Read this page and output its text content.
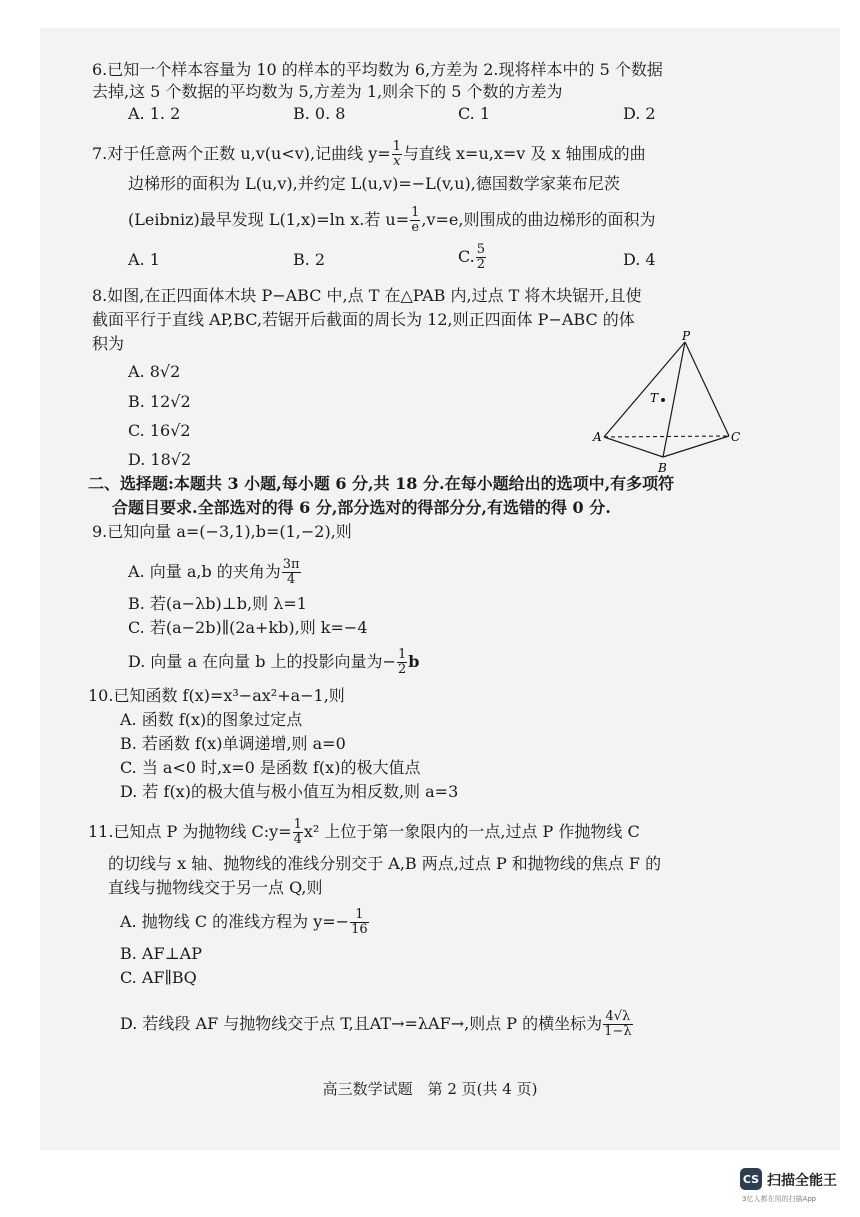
6.已知一个样本容量为 10 的样本的平均数为 6,方差为 2.现将样本中的 5 个数据
去掉,这 5 个数据的平均数为 5,方差为 1,则余下的 5 个数的方差为
A. 1. 2	B. 0. 8	C. 1	D. 2
7.对于任意两个正数 u,v(u<v),记曲线 $y= \frac{1}{x}$ 与直线 x=u,x=v 及 x 轴围成的曲
边梯形的面积为 L(u,v),并约定 L(u,v)=−L(v,u),德国数学家莱布尼茨
(Leibniz)最早发现 L(1,x)=ln x.若 $u= \frac{1}{e} ,v=e$,则围成的曲边梯形的面积为
A. 1	B. 2	C. $\frac{5}{2}$	D. 4
8.如图,在正四面体木块 P−ABC 中,点 T 在△PAB 内,过点 T 将木块锯开,且使
截面平行于直线 AP,BC,若锯开后截面的周长为 12,则正四面体 P−ABC 的体
积为
A. 8√2
B. 12√2
C. 16√2
D. 18√2
P
A
B
C
T
二、选择题:本题共 3 小题,每小题 6 分,共 18 分.在每小题给出的选项中,有多项符
合题目要求.全部选对的得 6 分,部分选对的得部分分,有选错的得 0 分.
9.已知向量 a=(−3,1),b=(1,−2),则
A. 向量 a,b 的夹角为 $\frac{3\pi}{4}$
B. 若(a−λb)⊥b,则 λ=1
C. 若(a−2b)∥(2a+kb),则 k=−4
D. 向量 a 在向量 b 上的投影向量为− $\frac{1}{2}$ b
10.已知函数 f(x)=x³−ax²+a−1,则
A. 函数 f(x)的图象过定点
B. 若函数 f(x)单调递增,则 a=0
C. 当 a<0 时,x=0 是函数 f(x)的极大值点
D. 若 f(x)的极大值与极小值互为相反数,则 a=3
11.已知点 P 为抛物线 C:y= $\frac{1}{4} x^2$ 上位于第一象限内的一点,过点 P 作抛物线 C
的切线与 x 轴、抛物线的准线分别交于 A,B 两点,过点 P 和抛物线的焦点 F 的
直线与抛物线交于另一点 Q,则
A. 抛物线 C 的准线方程为 $y=- \frac{1}{16}$
B. AF⊥AP
C. AF∥BQ
D. 若线段 AF 与抛物线交于点 T,且AT→=λAF→,则点 P 的横坐标为 $\frac{4√\lambda}{1-\lambda}$
高三数学试题　第 2 页(共 4 页)
CS 扫描全能王
3亿人都在用的扫描App
